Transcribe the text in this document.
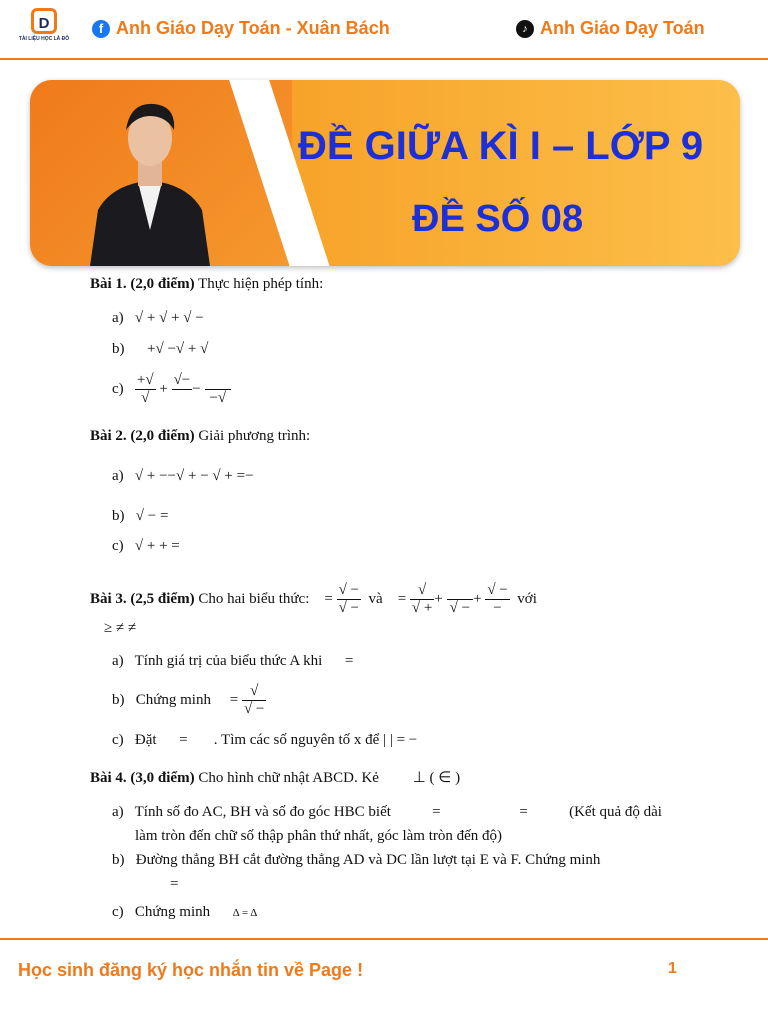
D
TÀI LIỆU HỌC LÀ ĐÔ
f Anh Giáo Dạy Toán - Xuân Bách	♪ Anh Giáo Dạy Toán
ĐỀ GIỮA KÌ I – LỚP 9
ĐỀ SỐ 08
Bài 1. (2,0 điểm) Thực hiện phép tính:
a) √ + √ + √ −
b) +√ −√ + √
$c) \frac{+√}{√}$ +
√−

−

−√
Bài 2. (2,0 điểm) Giải phương trình:
a) √ + −−√ + − √ + =−
b) √ − =
c) √ + + =
Bài 3. (2,5 điểm) Cho hai biểu thức:    = $\frac{√ -}{√ -}$ và    = $\frac{√}{√ +}$ +

√ −
+ $\frac{√ -}{-}$ với
≥ ≠ ≠
a) Tính giá trị của biểu thức A khi =
b) Chứng minh     = $\frac{√}{√ -}$
c) Đặt = . Tìm các số nguyên tố x để | | = −
Bài 4. (3,0 điểm) Cho hình chữ nhật ABCD. Kẻ ⊥ ( ∈ )
a) Tính số đo AC, BH và số đo góc HBC biết	=	=	(Kết quả độ dài
làm tròn đến chữ số thập phân thứ nhất, góc làm tròn đến độ)
b) Đường thẳng BH cắt đường thẳng AD và DC lần lượt tại E và F. Chứng minh
=
c) Chứng minh Δ = Δ
Học sinh đăng ký học nhắn tin về Page !	1
